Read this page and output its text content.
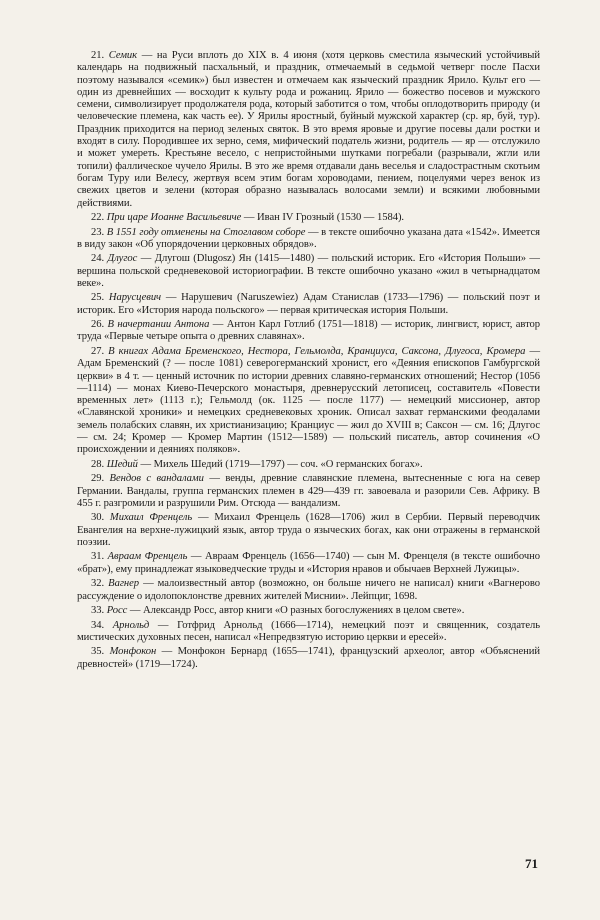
21. Семик — на Руси вплоть до XIX в. 4 июня (хотя церковь сместила языческий устойчивый календарь на подвижный пасхальный, и праздник, отмечаемый в седьмой четверг после Пасхи поэтому назывался «семик») был известен и отмечаем как языческий праздник Ярило. Культ его — один из древнейших — восходит к культу рода и рожаниц. Ярило — божество посевов и мужского семени, символизирует продолжателя рода, который заботится о том, чтобы оплодотворить природу (и человеческие племена, как часть ее). У Ярилы яростный, буйный мужской характер (ср. яр, буй, тур). Праздник приходится на период зеленых святок. В это время яровые и другие посевы дали ростки и входят в силу. Породившее их зерно, семя, мифический податель жизни, родитель — яр — отслужило и может умереть. Крестьяне весело, с непристойными шутками погребали (разрывали, жгли или топили) фаллическое чучело Ярилы. В это же время отдавали дань веселья и сладострастным скотьим богам Туру или Велесу, жертвуя всем этим богам хороводами, пением, поцелуями через венок из свежих цветов и зелени (которая образно называлась волосами земли) и всякими любовными действиями.

22. При царе Иоанне Васильевиче — Иван IV Грозный (1530 — 1584).

23. В 1551 году отменены на Стоглавом соборе — в тексте ошибочно указана дата «1542». Имеется в виду закон «Об упорядочении церковных обрядов».

24. Длугос — Длугош (Dlugosz) Ян (1415—1480) — польский историк. Его «История Польши» — вершина польской средневековой историографии. В тексте ошибочно указано «жил в четырнадцатом веке».

25. Нарусцевич — Нарушевич (Naruszewiez) Адам Станислав (1733—1796) — польский поэт и историк. Его «История народа польского» — первая критическая история Польши.

26. В начертании Антона — Антон Карл Готлиб (1751—1818) — историк, лингвист, юрист, автор труда «Первые четыре опыта о древних славянах».

27. В книгах Адама Бременского, Нестора, Гельмолда, Кранциуса, Саксона, Длугоса, Кромера — Адам Бременский (? — после 1081) северогерманский хронист, его «Деяния епископов Гамбургской церкви» в 4 т. — ценный источник по истории древних славяно-германских отношений; Нестор (1056—1114) — монах Киево-Печерского монастыря, древнерусский летописец, составитель «Повести временных лет» (1113 г.); Гельмолд (ок. 1125 — после 1177) — немецкий миссионер, автор «Славянской хроники» и немецких средневековых хроник. Описал захват германскими феодалами земель полабских славян, их христианизацию; Кранциус — жил до XVIII в; Саксон — см. 16; Длугос — см. 24; Кромер — Кромер Мартин (1512—1589) — польский писатель, автор сочинения «О происхождении и деяниях поляков».

28. Шедий — Михель Шедий (1719—1797) — соч. «О германских богах».

29. Вендов с вандалами — венды, древние славянские племена, вытесненные с юга на север Германии. Вандалы, группа германских племен в 429—439 гг. завоевала и разорили Сев. Африку. В 455 г. разгромили и разрушили Рим. Отсюда — вандализм.

30. Михаил Френцель — Михаил Френцель (1628—1706) жил в Сербии. Первый переводчик Евангелия на верхне-лужицкий язык, автор труда о языческих богах, как они отражены в германской поэзии.

31. Авраам Френцель — Авраам Френцель (1656—1740) — сын М. Френцеля (в тексте ошибочно «брат»), ему принадлежат языковедческие труды и «История нравов и обычаев Верхней Лужицы».

32. Вагнер — малоизвестный автор (возможно, он больше ничего не написал) книги «Вагнерово рассуждение о идолопоклонстве древних жителей Миснии». Лейпциг, 1698.

33. Росс — Александр Росс, автор книги «О разных богослужениях в целом свете».

34. Арнольд — Готфрид Арнольд (1666—1714), немецкий поэт и священник, создатель мистических духовных песен, написал «Непредвзятую историю церкви и ересей».

35. Монфокон — Монфокон Бернард (1655—1741), французский археолог, автор «Объяснений древностей» (1719—1724).

71
